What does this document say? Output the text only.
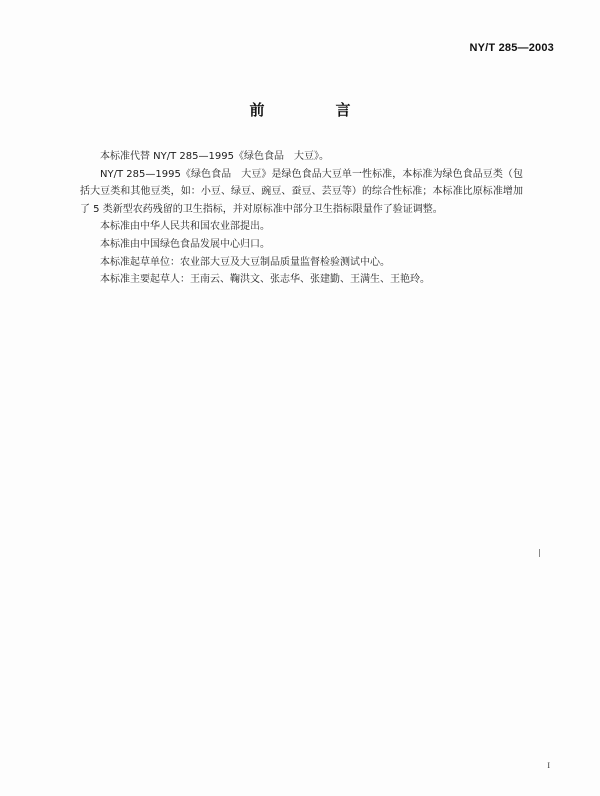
NY/T 285—2003
前　言

本标准代替 NY/T 285—1995《绿色食品　大豆》。

NY/T 285—1995《绿色食品　大豆》是绿色食品大豆单一性标准，本标准为绿色食品豆类（包括大豆类和其他豆类，如：小豆、绿豆、豌豆、蚕豆、芸豆等）的综合性标准；本标准比原标准增加了 5 类新型农药残留的卫生指标，并对原标准中部分卫生指标限量作了验证调整。

本标准由中华人民共和国农业部提出。

本标准由中国绿色食品发展中心归口。

本标准起草单位：农业部大豆及大豆制品质量监督检验测试中心。

本标准主要起草人：王南云、鞠洪文、张志华、张建勤、王满生、王艳玲。

I
